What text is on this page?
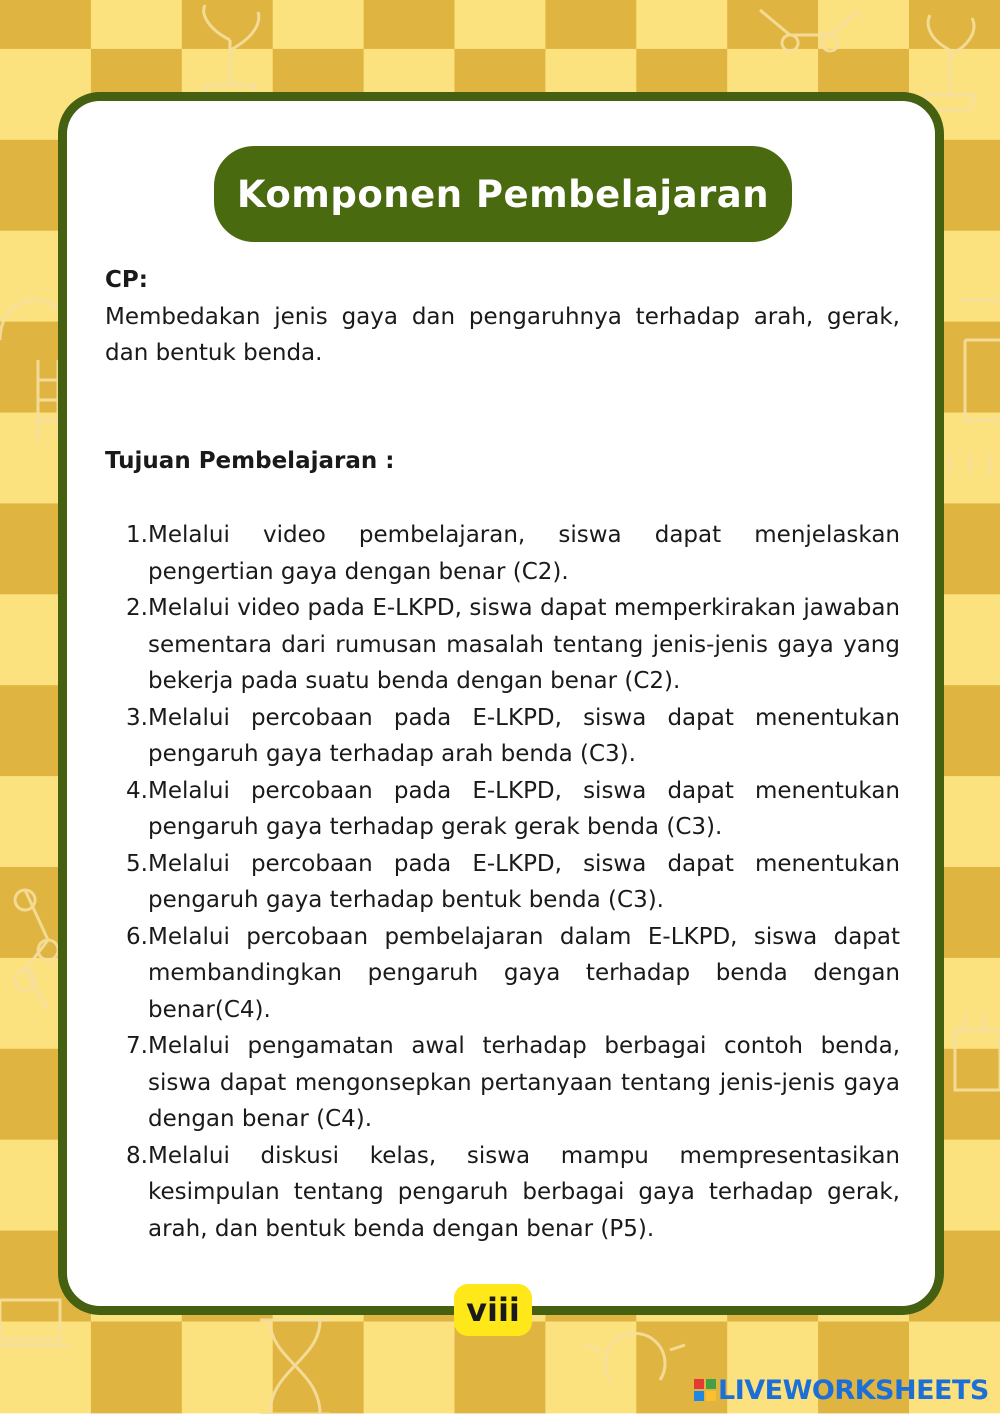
Komponen Pembelajaran

CP:

Membedakan jenis gaya dan pengaruhnya terhadap arah, gerak, dan bentuk benda.

Tujuan Pembelajaran :

1. Melalui video pembelajaran, siswa dapat menjelaskan pengertian gaya dengan benar (C2).
2. Melalui video pada E-LKPD, siswa dapat memperkirakan jawaban sementara dari rumusan masalah tentang jenis-jenis gaya yang bekerja pada suatu benda dengan benar (C2).
3. Melalui percobaan pada E-LKPD, siswa dapat menentukan pengaruh gaya terhadap arah benda (C3).
4. Melalui percobaan pada E-LKPD, siswa dapat menentukan pengaruh gaya terhadap gerak gerak benda (C3).
5. Melalui percobaan pada E-LKPD, siswa dapat menentukan pengaruh gaya terhadap bentuk benda (C3).
6. Melalui percobaan pembelajaran dalam E-LKPD, siswa dapat membandingkan pengaruh gaya terhadap benda dengan benar(C4).
7. Melalui pengamatan awal terhadap berbagai contoh benda, siswa dapat mengonsepkan pertanyaan tentang jenis-jenis gaya dengan benar (C4).
8. Melalui diskusi kelas, siswa mampu mempresentasikan kesimpulan tentang pengaruh berbagai gaya terhadap gerak, arah, dan bentuk benda dengan benar (P5).
viii
LIVEWORKSHEETS
